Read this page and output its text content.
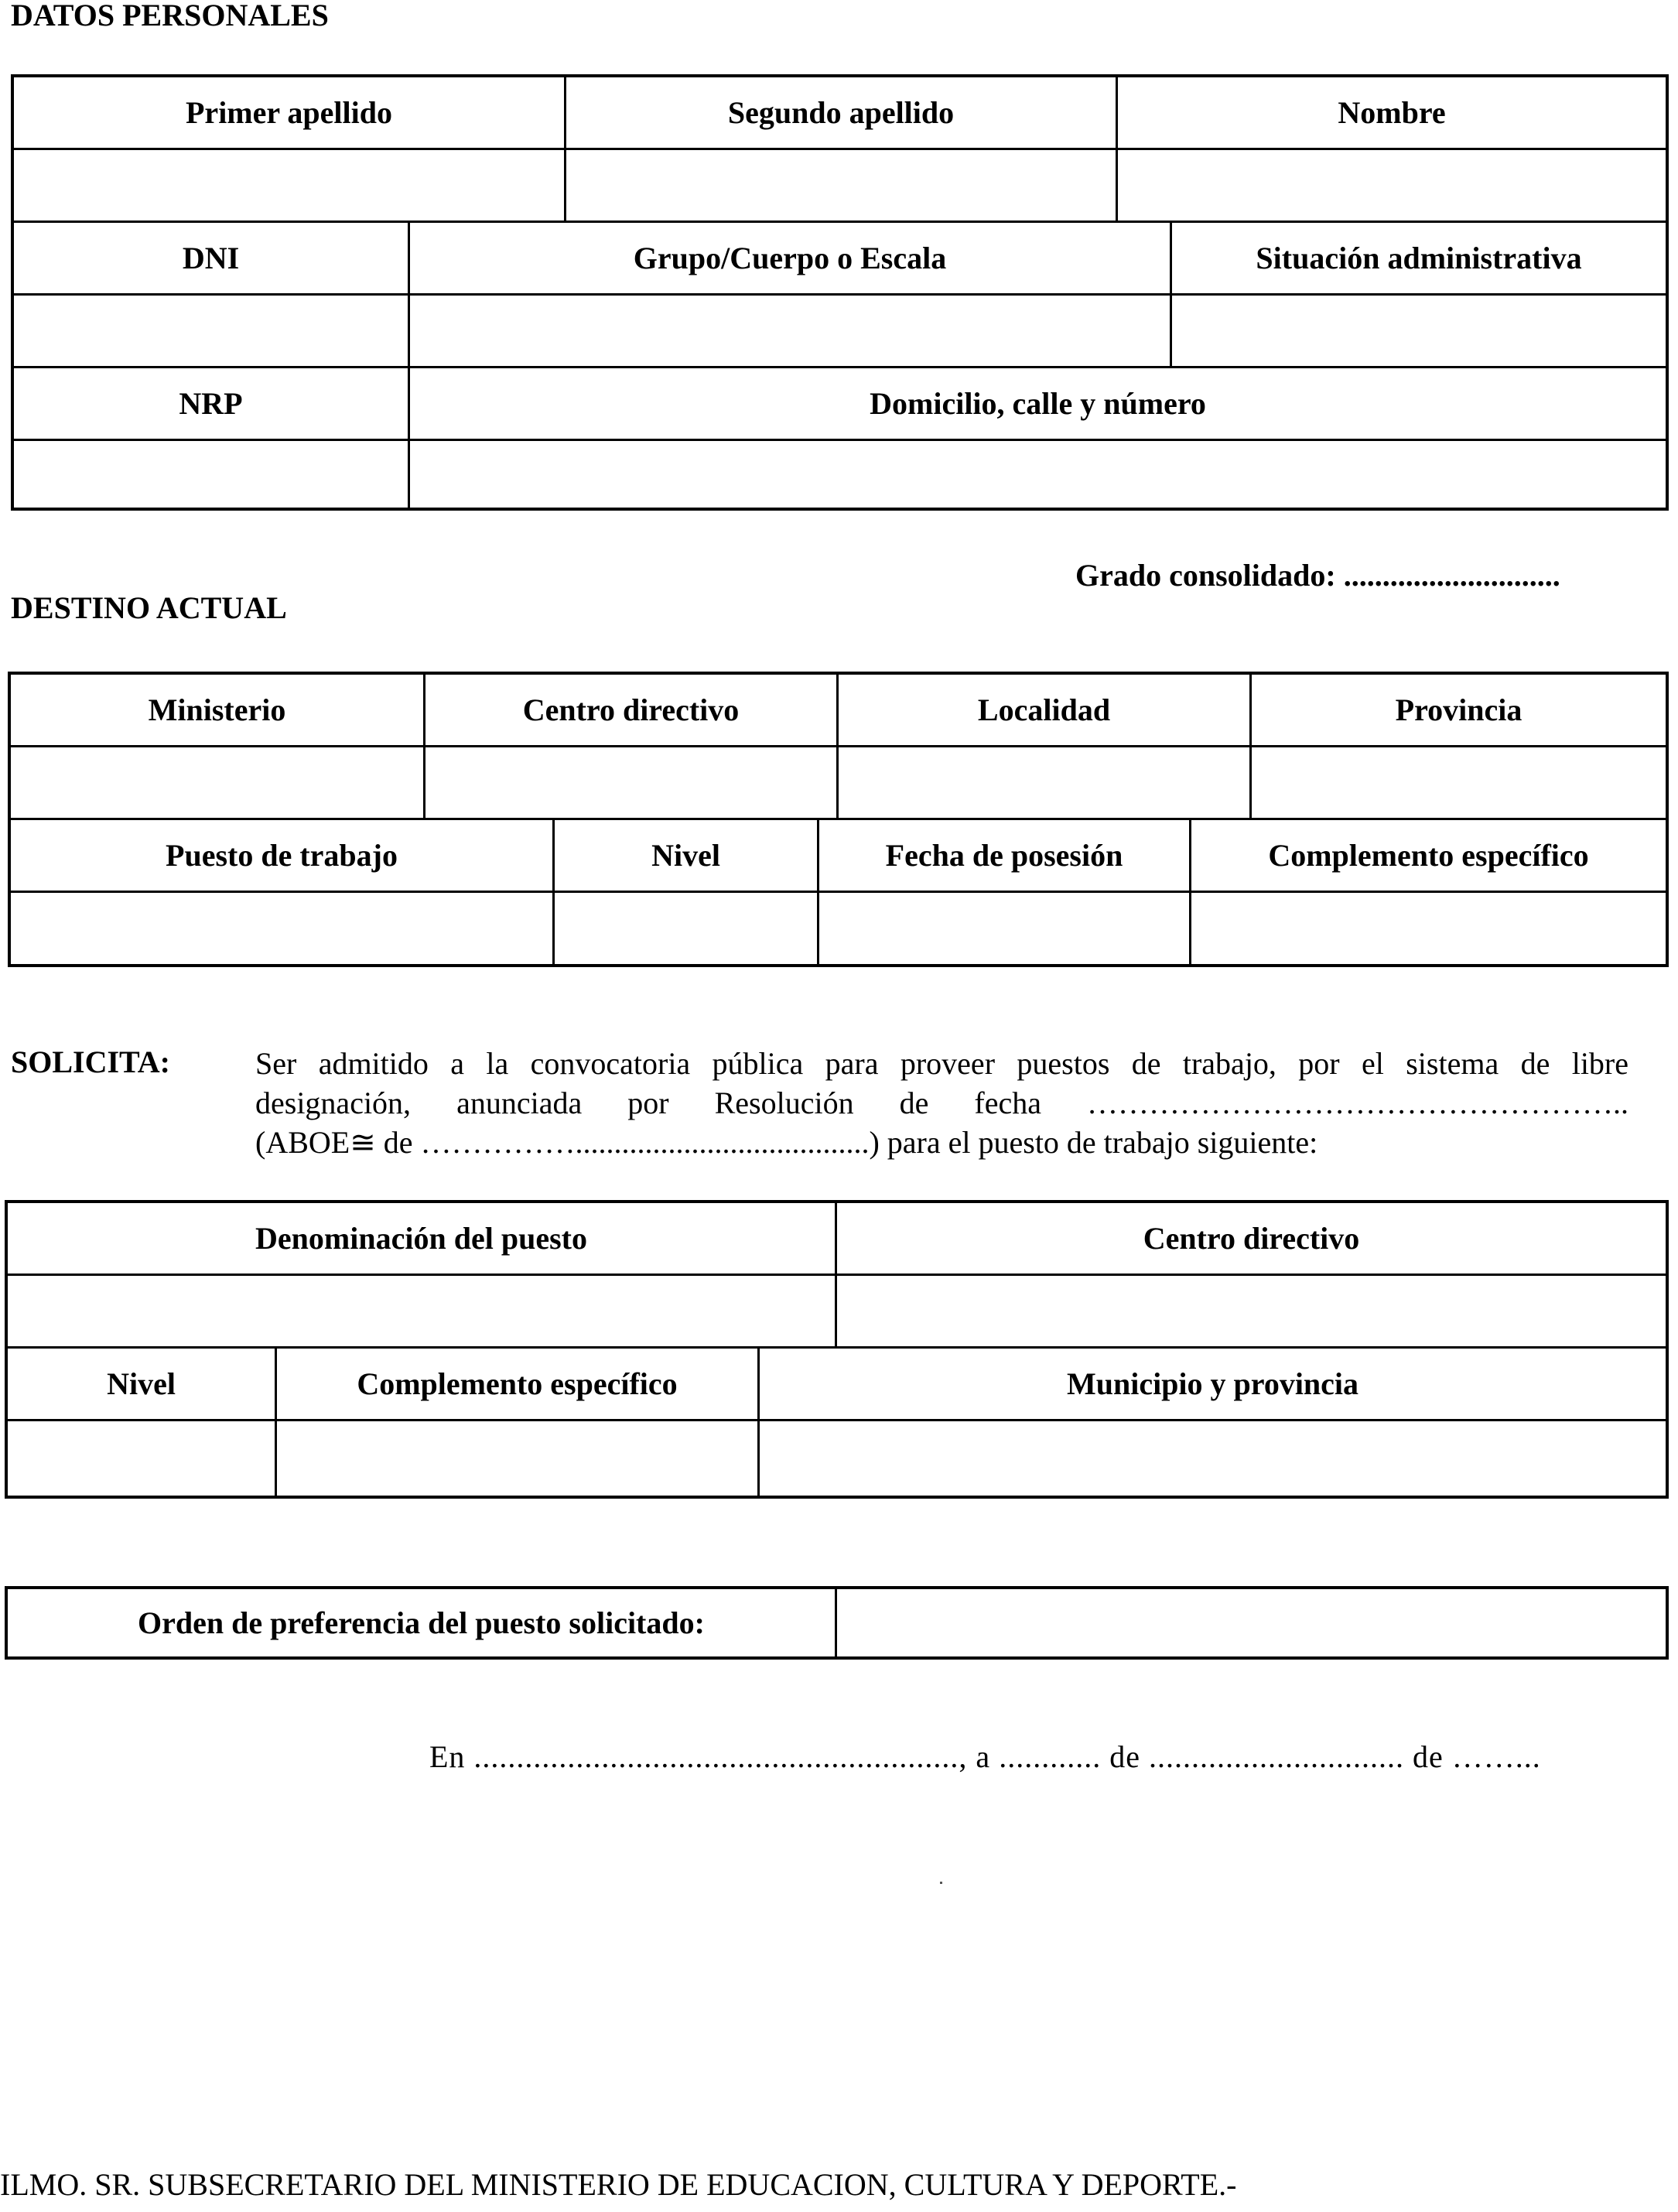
DATOS PERSONALES
Primer apellido	Segundo apellido	Nombre
DNI	Grupo/Cuerpo o Escala	Situación administrativa
NRP	Domicilio, calle y número
Grado consolidado: ............................
DESTINO ACTUAL
Ministerio	Centro directivo	Localidad	Provincia
Puesto de trabajo	Nivel	Fecha de posesión	Complemento específico
SOLICITA:	Ser admitido a la convocatoria pública para proveer puestos de trabajo, por el sistema de libre
designación, anunciada por Resolución de fecha ……………………………………………..
(ABOE≅ de ……………......................................) para el puesto de trabajo siguiente:
Denominación del puesto	Centro directivo
Nivel	Complemento específico	Municipio y provincia
Orden de preferencia del puesto solicitado:
En ........................................................., a ............ de .............................. de ……...
ILMO. SR. SUBSECRETARIO DEL MINISTERIO DE EDUCACION, CULTURA Y DEPORTE.-
